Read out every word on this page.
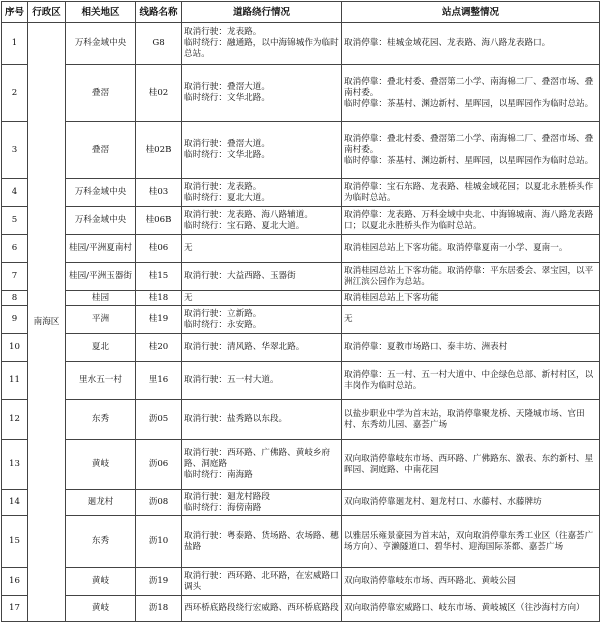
序号	行政区	相关地区	线路名称	道路绕行情况	站点调整情况
1	南海区	万科金域中央	G8	取消行驶：龙表路。
临时绕行：融通路，以中海锦城作为临时总站。	取消停靠：桂城金域花园、龙表路、海八路龙表路口。
2		叠滘	桂02	取消行驶：叠滘大道。
临时绕行：文华北路。	取消停靠：叠北村委、叠滘第二小学、南海棉二厂、叠滘市场、叠南村委。
临时停靠：茶基村、渊边新村、星晖园，以星晖园作为临时总站。
3		叠滘	桂02B	取消行驶：叠滘大道。
临时绕行：文华北路。	取消停靠：叠北村委、叠滘第二小学、南海棉二厂、叠滘市场、叠南村委。
临时停靠：茶基村、渊边新村、星晖园，以星晖园作为临时总站。
4		万科金域中央	桂03	取消行驶：龙表路。
临时绕行：夏北大道。	取消停靠：宝石东路、龙表路、桂城金域花园；以夏北永胜桥头作为临时总站。
5		万科金域中央	桂06B	取消行驶：龙表路、海八路辅道。
临时绕行：宝石路、夏北大道。	取消停靠：龙表路、万科金域中央北、中海锦城南、海八路龙表路口；以夏北永胜桥头作为临时总站。
6		桂园/平洲夏南村	桂06	无	取消桂园总站上下客功能。取消停靠夏南一小学、夏南一。
7		桂园/平洲玉器街	桂15	取消行驶：大益西路、玉器街	取消桂园总站上下客功能。取消停靠：平东居委会、翠宝园，以平洲江滨公园作为总站。
8		桂园	桂18	无	取消桂园总站上下客功能
9		平洲	桂19	取消行驶：立新路。
临时绕行：永安路。	无
10		夏北	桂20	取消行驶：清风路、华翠北路。	取消停靠：夏教市场路口、泰丰坊、洲表村
11		里水五一村	里16	取消行驶：五一村大道。	取消停靠：五一村、五一村大道中、中企绿色总部、新村村区，以丰岗作为临时总站。
12		东秀	沥05	取消行驶：盐秀路以东段。	以盐步职业中学为首末站，取消停靠聚龙桥、天隆城市场、官田村、东秀幼儿园、嘉荟广场
13		黄岐	沥06	取消行驶：西环路、广佛路、黄岐乡府路、洞庭路
临时绕行：南海路	双向取消停靠岐东市场、西环路、广佛路东、激表、东约新村、星晖园、洞庭路、中南花园
14		廻龙村	沥08	取消行驶：廻龙村路段
临时绕行：海傍南路	双向取消停靠廻龙村、廻龙村口、水藤村、水藤牌坊
15		东秀	沥10	取消行驶：粤泰路、货场路、农场路、穗盐路	以雅居乐雍景豪园为首末站，双向取消停靠东秀工业区（往嘉荟广场方向）、亨濑隧道口、碧华村、迎海国际茶都、嘉荟广场
16		黄岐	沥19	取消行驶：西环路、北环路，在宏威路口调头	双向取消停靠岐东市场、西环路北、黄岐公园
17		黄岐	沥18	西环桥底路段绕行宏威路、西环桥底路段	双向取消停靠宏威路口、岐东市场、黄岐城区（往沙海村方向）
